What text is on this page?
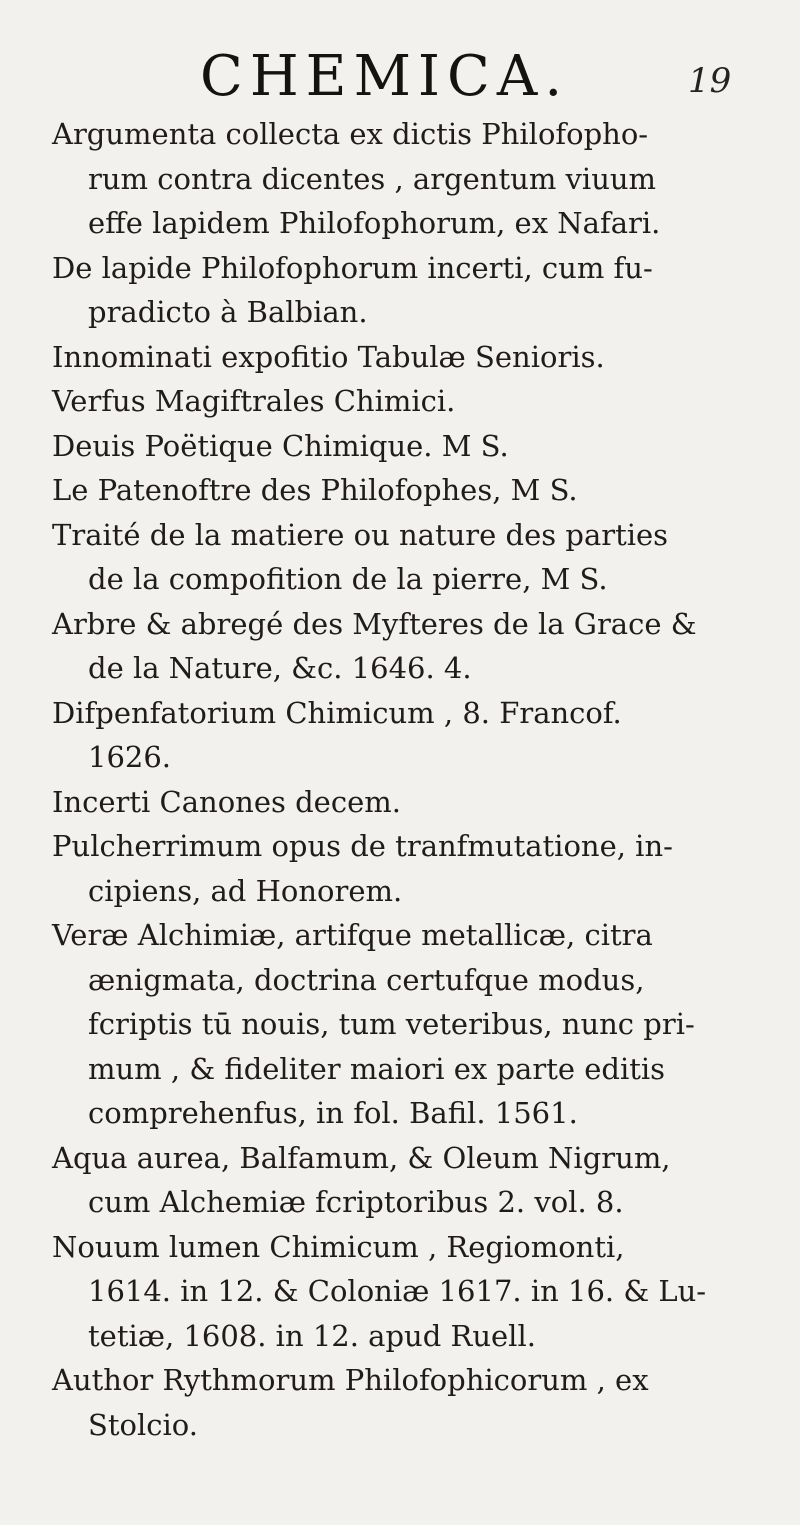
CHEMICA.	19
Argumenta collecta ex dictis Philofopho-
rum contra dicentes , argentum viuum
effe lapidem Philofophorum, ex Nafari.
De lapide Philofophorum incerti, cum fu-
pradicto à Balbian.
Innominati expofitio Tabulæ Senioris.
Verfus Magiftrales Chimici.
Deuis Poëtique Chimique. M S.
Le Patenoftre des Philofophes, M S.
Traité de la matiere ou nature des parties
de la compofition de la pierre, M S.
Arbre & abregé des Myfteres de la Grace &
de la Nature, &c. 1646. 4.
Difpenfatorium Chimicum , 8. Francof.
1626.
Incerti Canones decem.
Pulcherrimum opus de tranfmutatione, in-
cipiens, ad Honorem.
Veræ Alchimiæ, artifque metallicæ, citra
ænigmata, doctrina certufque modus,
fcriptis tū nouis, tum veteribus, nunc pri-
mum , & fideliter maiori ex parte editis
comprehenfus, in fol. Bafil. 1561.
Aqua aurea, Balfamum, & Oleum Nigrum,
cum Alchemiæ fcriptoribus 2. vol. 8.
Nouum lumen Chimicum , Regiomonti,
1614. in 12. & Coloniæ 1617. in 16. & Lu-
tetiæ, 1608. in 12. apud Ruell.
Author Rythmorum Philofophicorum , ex
Stolcio.
